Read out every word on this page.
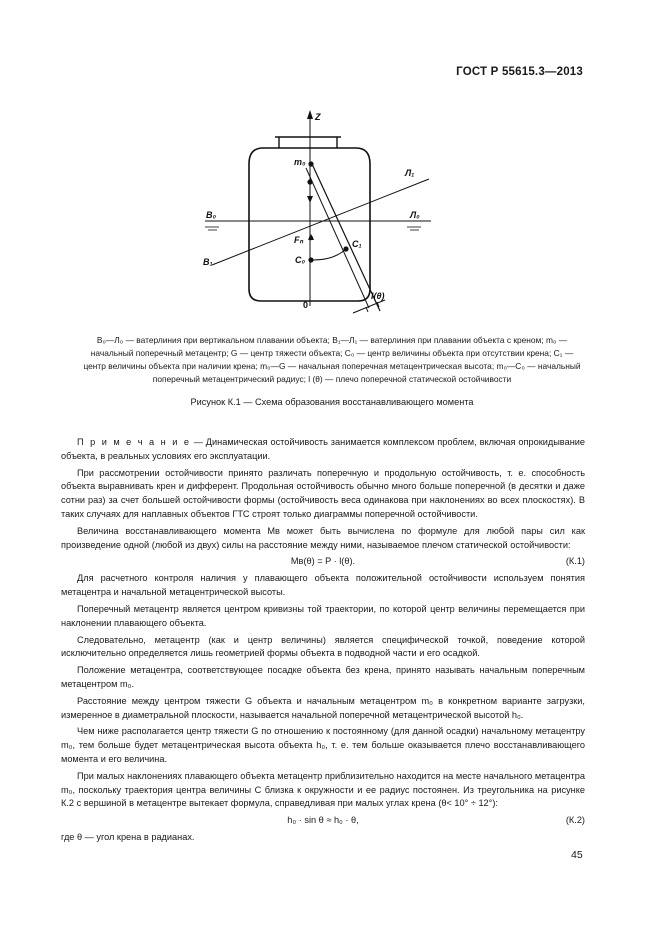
ГОСТ Р 55615.3—2013
Z
m₀
Л₁
В₀	Л₀
Fₙ	C₁
C₀
В₁
0
l(θ)
В₀—Л₀ — ватерлиния при вертикальном плавании объекта; В₁—Л₁ — ватерлиния при плавании объекта с креном; m₀ —
начальный поперечный метацентр; G — центр тяжести объекта; C₀ — центр величины объекта при отсутствии крена; C₁ —
центр величины объекта при наличии крена; m₀—G — начальная поперечная метацентрическая высота; m₀—C₀ — начальный
поперечный метацентрический радиус; l (θ) — плечо поперечной статической остойчивости
Рисунок К.1 — Схема образования восстанавливающего момента

П р и м е ч а н и е — Динамическая остойчивость занимается комплексом проблем, включая опрокидывание объекта, в реальных условиях его эксплуатации.

При рассмотрении остойчивости принято различать поперечную и продольную остойчивость, т. е. способность объекта выравнивать крен и дифферент. Продольная остойчивость обычно много больше поперечной (в десятки и даже сотни раз) за счет большей остойчивости формы (остойчивость веса одинакова при наклонениях во всех плоскостях). В таких случаях для наплавных объектов ГТС строят только диаграммы поперечной остойчивости.

Величина восстанавливающего момента Mв может быть вычислена по формуле для любой пары сил как произведение одной (любой из двух) силы на расстояние между ними, называемое плечом статической остойчивости:

Mв(θ) = P · l(θ).	(К.1)

Для расчетного контроля наличия у плавающего объекта положительной остойчивости используем понятия метацентра и начальной метацентрической высоты.

Поперечный метацентр является центром кривизны той траектории, по которой центр величины перемещается при наклонении плавающего объекта.

Следовательно, метацентр (как и центр величины) является специфической точкой, поведение которой исключительно определяется лишь геометрией формы объекта в подводной части и его осадкой.

Положение метацентра, соответствующее посадке объекта без крена, принято называть начальным поперечным метацентром m₀.

Расстояние между центром тяжести G объекта и начальным метацентром m₀ в конкретном варианте загрузки, измеренное в диаметральной плоскости, называется начальной поперечной метацентрической высотой h₀.

Чем ниже располагается центр тяжести G по отношению к постоянному (для данной осадки) начальному метацентру m₀, тем больше будет метацентрическая высота объекта h₀, т. е. тем больше оказывается плечо восстанавливающего момента и его величина.

При малых наклонениях плавающего объекта метацентр приблизительно находится на месте начального метацентра m₀, поскольку траектория центра величины C близка к окружности и ее радиус постоянен. Из треугольника на рисунке К.2 с вершиной в метацентре вытекает формула, справедливая при малых углах крена (θ< 10° ÷ 12°):

h₀ · sin θ ≈ h₀ · θ,	(К.2)

где θ — угол крена в радианах.

45
